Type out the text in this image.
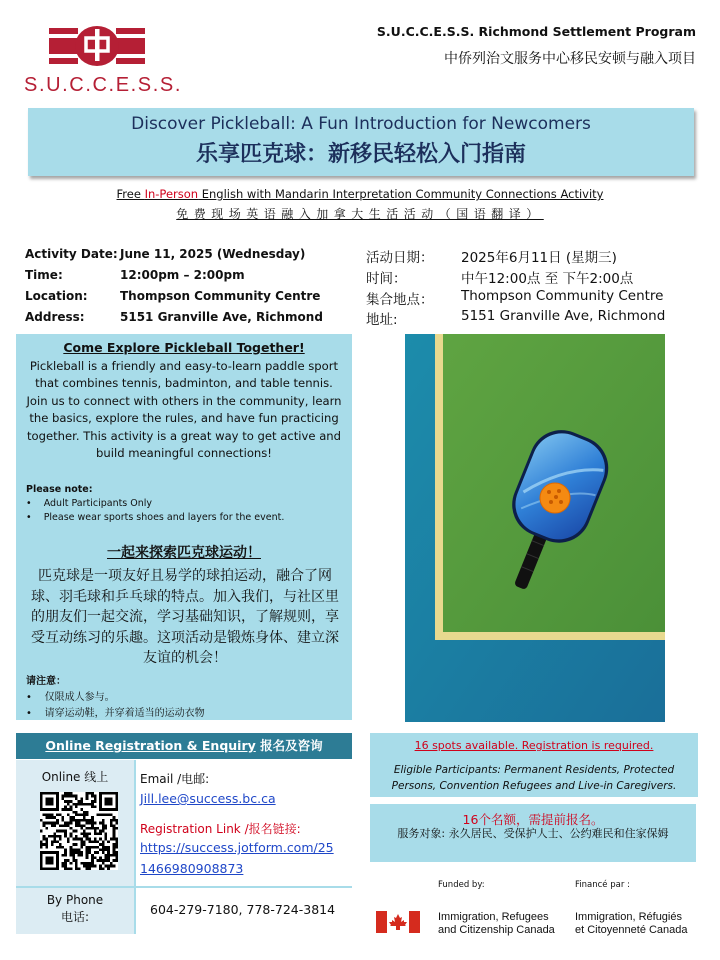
S.U.C.C.E.S.S.
S.U.C.C.E.S.S. Richmond Settlement Program
中侨列治文服务中心移民安顿与融入项目
Discover Pickleball: A Fun Introduction for Newcomers
乐享匹克球：新移民轻松入门指南
Free In-Person English with Mandarin Interpretation Community Connections Activity
免费现场英语融入加拿大生活活动（国语翻译）
Activity Date: June 11, 2025 (Wednesday)
Time:	12:00pm – 2:00pm
Location:	Thompson Community Centre
Address:	5151 Granville Ave, Richmond
活动日期： 2025年6月11日 (星期三)
时间：	中午12:00点 至 下午2:00点
集合地点： Thompson Community Centre
地址:	5151 Granville Ave, Richmond
Come Explore Pickleball Together!
Pickleball is a friendly and easy-to-learn paddle sport that combines tennis, badminton, and table tennis. Join us to connect with others in the community, learn the basics, explore the rules, and have fun practicing together. This activity is a great way to get active and build meaningful connections!
Please note:
•    Adult Participants Only
•    Please wear sports shoes and layers for the event.
一起来探索匹克球运动！
匹克球是一项友好且易学的球拍运动，融合了网球、羽毛球和乒乓球的特点。加入我们，与社区里的朋友们一起交流，学习基础知识，了解规则，享受互动练习的乐趣。这项活动是锻炼身体、建立深友谊的机会！
请注意：
•    仅限成人参与。
•    请穿运动鞋，并穿着适当的运动衣物
Online Registration & Enquiry 报名及咨询
Online 线上	Email /电邮:
Jill.lee@success.bc.ca
Registration Link /报名链接:
https://success.jotform.com/25
1466980908873
By Phone
电话:	604-279-7180, 778-724-3814
16 spots available. Registration is required.
Eligible Participants: Permanent Residents, Protected Persons, Convention Refugees and Live-in Caregivers.
16个名额，需提前报名。
服务对象: 永久居民、受保护人士、公约难民和住家保姆
Funded by:	Financé par :
Immigration, Refugees
and Citizenship Canada
Immigration, Réfugiés
et Citoyenneté Canada
